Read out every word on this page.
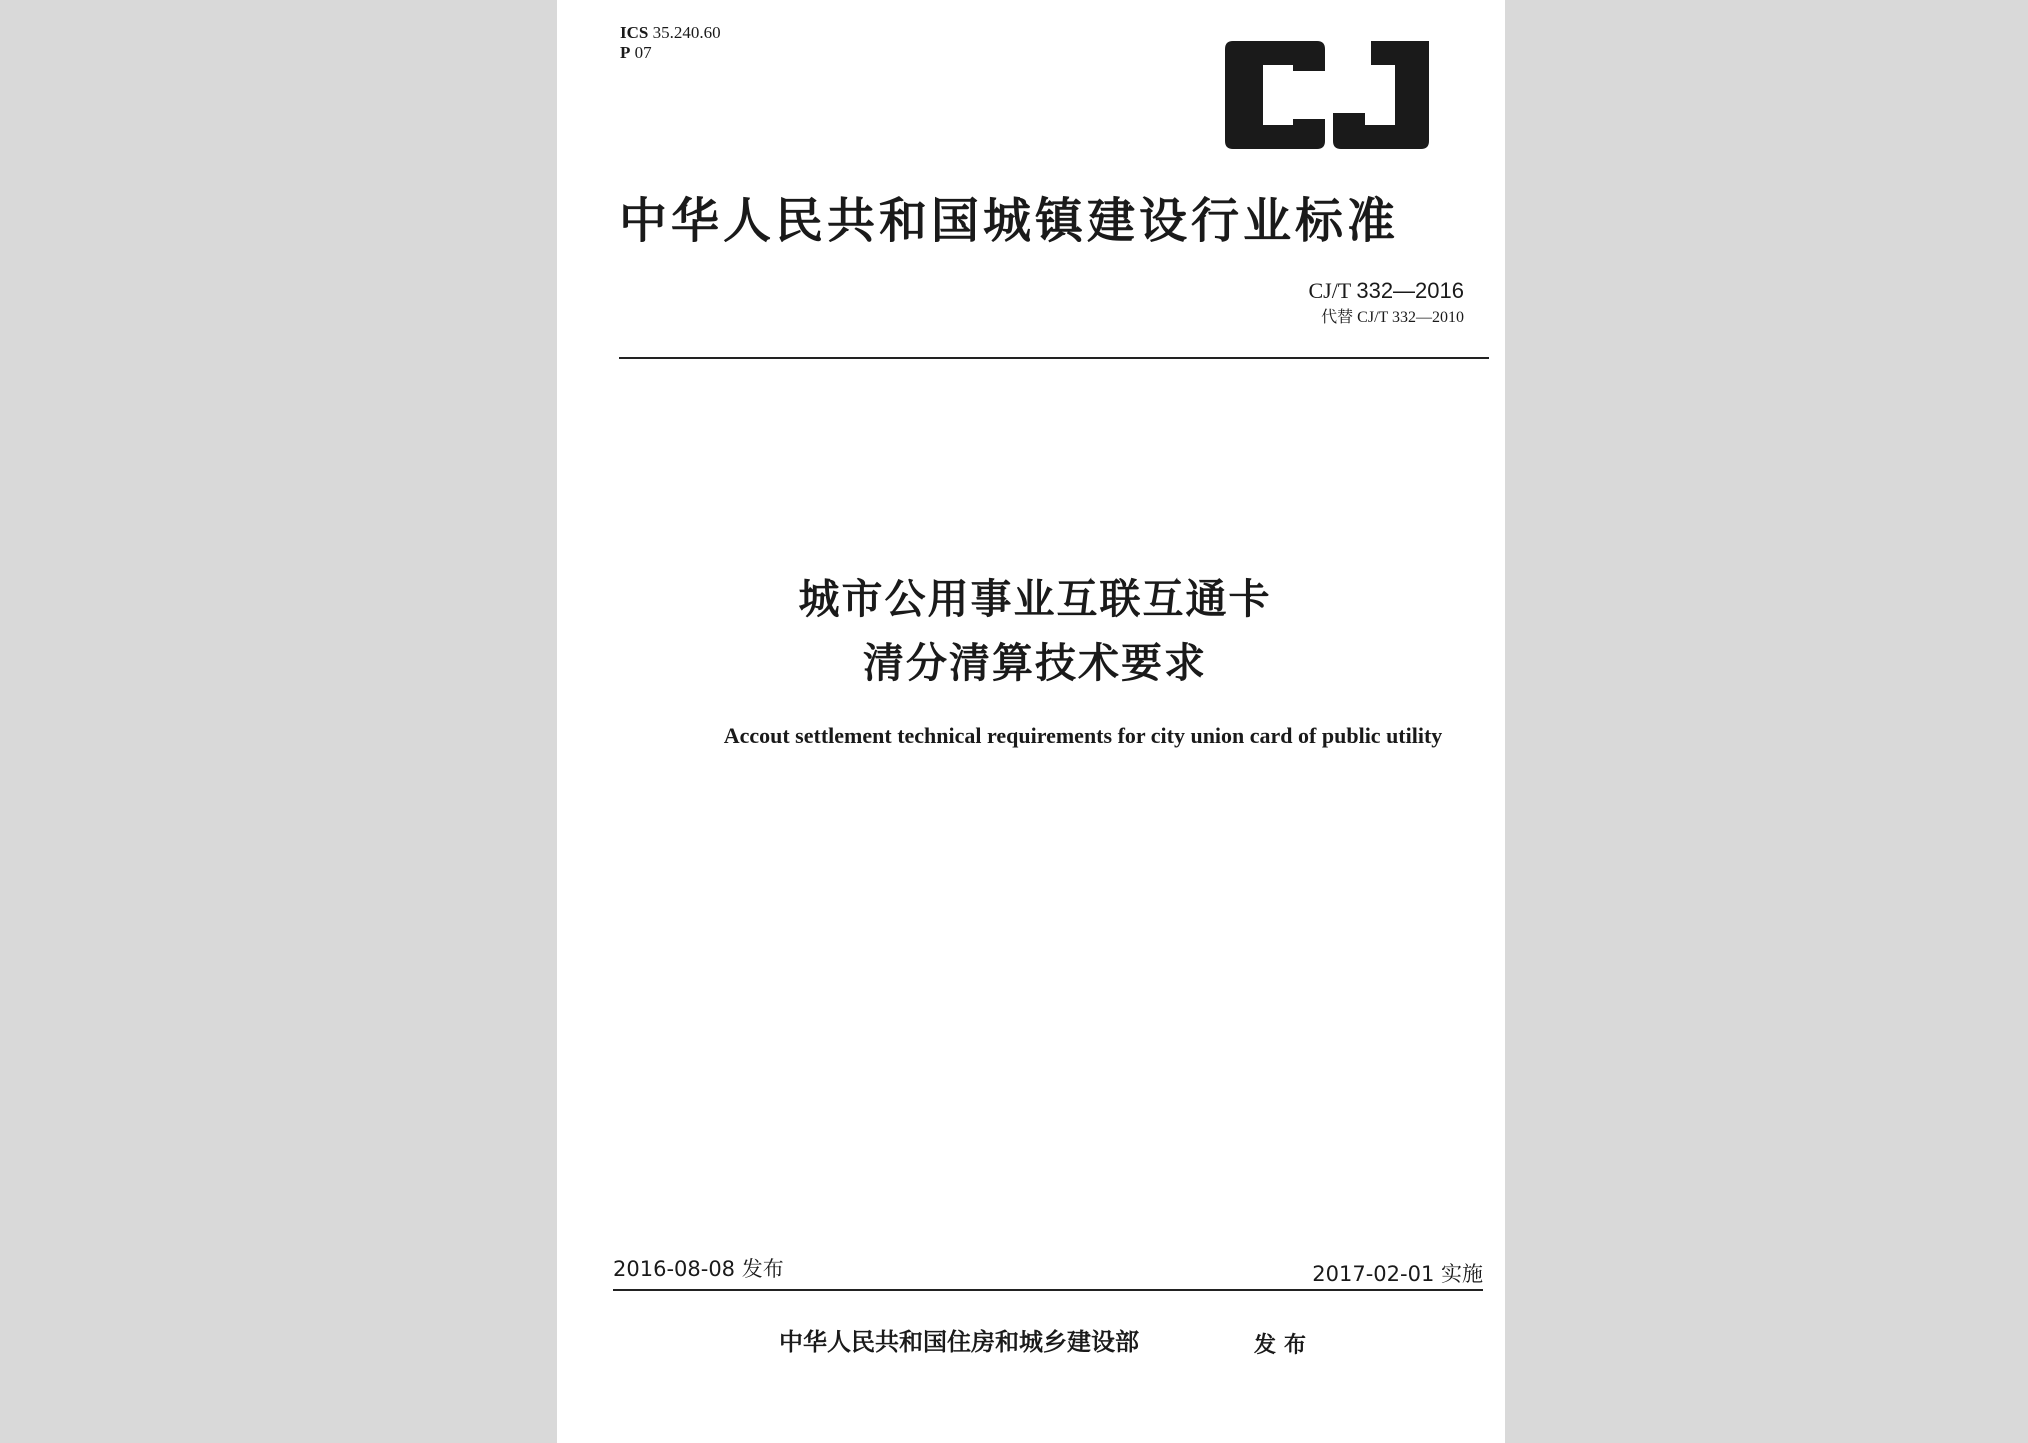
ICS 35.240.60
P 07
中华人民共和国城镇建设行业标准
CJ/T 332—2016
代替 CJ/T 332—2010
城市公用事业互联互通卡
清分清算技术要求
Accout settlement technical requirements for city union card of public utility
2016-08-08 发布	2017-02-01 实施
中华人民共和国住房和城乡建设部	发布
